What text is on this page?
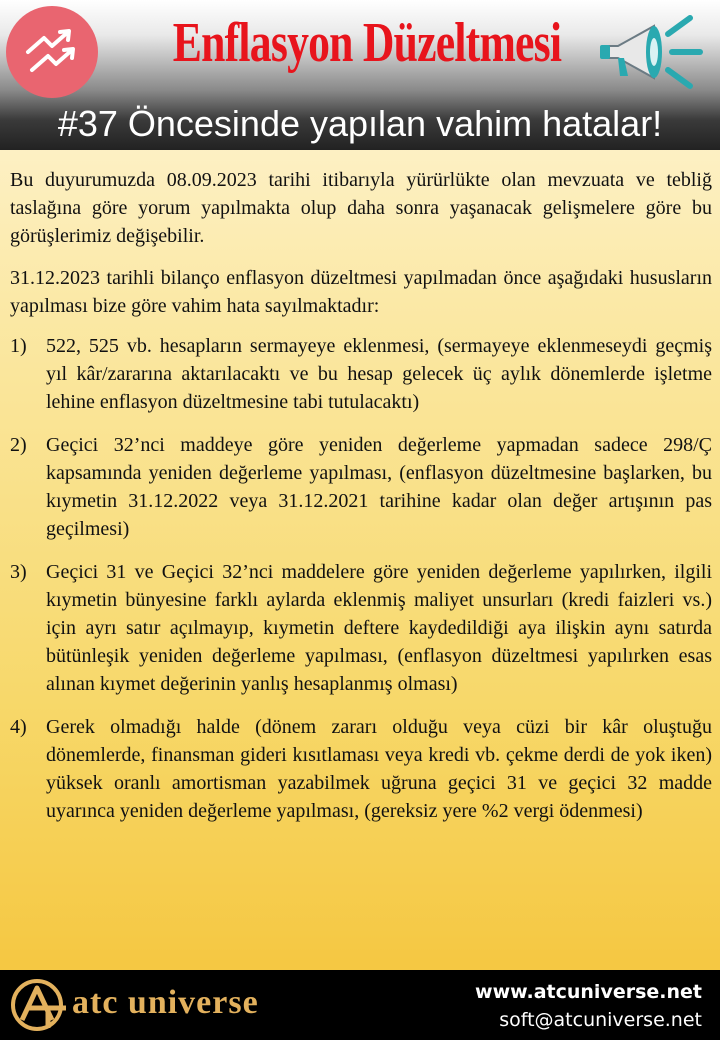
Enflasyon Düzeltmesi
#37 Öncesinde yapılan vahim hatalar!

Bu duyurumuzda 08.09.2023 tarihi itibarıyla yürürlükte olan mevzuata ve tebliğ taslağına göre yorum yapılmakta olup daha sonra yaşanacak gelişmelere göre bu görüşlerimiz değişebilir.

31.12.2023 tarihli bilanço enflasyon düzeltmesi yapılmadan önce aşağıdaki hususların yapılması bize göre vahim hata sayılmaktadır:

1) 522, 525 vb. hesapların sermayeye eklenmesi, (sermayeye eklenmeseydi geçmiş yıl kâr/zararına aktarılacaktı ve bu hesap gelecek üç aylık dönemlerde işletme lehine enflasyon düzeltmesine tabi tutulacaktı)
2) Geçici 32’nci maddeye göre yeniden değerleme yapmadan sadece 298/Ç kapsamında yeniden değerleme yapılması, (enflasyon düzeltmesine başlarken, bu kıymetin 31.12.2022 veya 31.12.2021 tarihine kadar olan değer artışının pas geçilmesi)
3) Geçici 31 ve Geçici 32’nci maddelere göre yeniden değerleme yapılırken, ilgili kıymetin bünyesine farklı aylarda eklenmiş maliyet unsurları (kredi faizleri vs.) için ayrı satır açılmayıp, kıymetin deftere kaydedildiği aya ilişkin aynı satırda bütünleşik yeniden değerleme yapılması, (enflasyon düzeltmesi yapılırken esas alınan kıymet değerinin yanlış hesaplanmış olması)
4) Gerek olmadığı halde (dönem zararı olduğu veya cüzi bir kâr oluştuğu dönemlerde, finansman gideri kısıtlaması veya kredi vb. çekme derdi de yok iken) yüksek oranlı amortisman yazabilmek uğruna geçici 31 ve geçici 32 madde uyarınca yeniden değerleme yapılması, (gereksiz yere %2 vergi ödenmesi)
atc universe	www.atcuniverse.net
soft@atcuniverse.net
